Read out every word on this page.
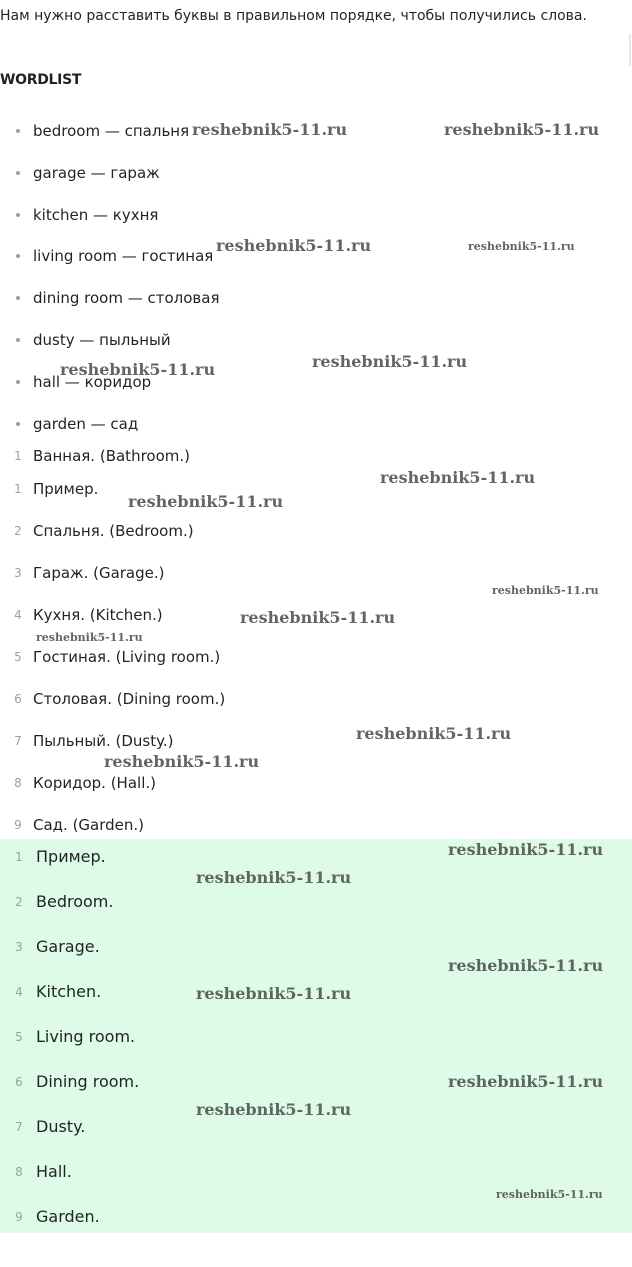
Нам нужно расставить буквы в правильном порядке, чтобы получились слова.
WORDLIST
bedroom — спальня
garage — гараж
kitchen — кухня
living room — гостиная
dining room — столовая
dusty — пыльный
hall — коридор
garden — сад
1 Ванная. (Bathroom.)
1 Пример.
2 Спальня. (Bedroom.)
3 Гараж. (Garage.)
4 Кухня. (Kitchen.)
5 Гостиная. (Living room.)
6 Столовая. (Dining room.)
7 Пыльный. (Dusty.)
8 Коридор. (Hall.)
9 Сад. (Garden.)
1 Пример.
2 Bedroom.
3 Garage.
4 Kitchen.
5 Living room.
6 Dining room.
7 Dusty.
8 Hall.
9 Garden.
reshebnik5-11.ru	reshebnik5-11.ru
reshebnik5-11.ru	reshebnik5-11.ru
reshebnik5-11.ru	reshebnik5-11.ru
reshebnik5-11.ru
reshebnik5-11.ru
reshebnik5-11.ru
reshebnik5-11.ru
reshebnik5-11.ru
reshebnik5-11.ru
reshebnik5-11.ru
reshebnik5-11.ru
reshebnik5-11.ru
reshebnik5-11.ru
reshebnik5-11.ru
reshebnik5-11.ru
reshebnik5-11.ru
reshebnik5-11.ru
